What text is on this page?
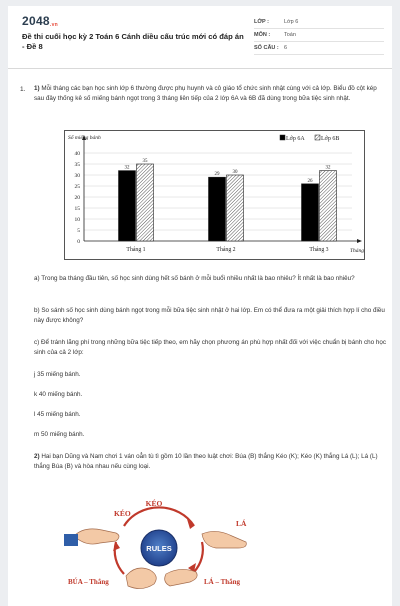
2048.vn
Đề thi cuối học kỳ 2 Toán 6 Cánh diều cấu trúc mới có đáp án - Đề 8
LỚP :	Lớp 6
MÔN :	Toán
SỐ CÂU : 6
1. 1) Mỗi tháng các bạn học sinh lớp 6 thường được phụ huynh và cô giáo tổ chức sinh nhật cùng với cả lớp. Biểu đồ cột kép sau đây thống kê số miếng bánh ngọt trong 3 tháng liên tiếp của 2 lớp 6A và 6B đã dùng trong bữa tiệc sinh nhật.
0
5
10
15
20
25
30
35
40
Số miếng bánh
Tháng
32
35
Tháng 1
29	30
Tháng 2
26
32
Tháng 3
Lớp 6A	Lớp 6B
a) Trong ba tháng đầu tiên, số học sinh dùng hết số bánh ở mỗi buổi nhiều nhất là bao nhiêu? Ít nhất là bao nhiêu?
b) So sánh số học sinh dùng bánh ngọt trong mỗi bữa tiệc sinh nhật ở hai lớp. Em có thể đưa ra một giải thích hợp lí cho điều này được không?
c) Để tránh lãng phí trong những bữa tiệc tiếp theo, em hãy chọn phương án phù hợp nhất đối với việc chuẩn bị bánh cho học sinh của cả 2 lớp:
j 35 miếng bánh.
k 40 miếng bánh.
l 45 miếng bánh.
m 50 miếng bánh.
2) Hai bạn Dũng và Nam chơi 1 ván oẳn tù tì gồm 10 lần theo luật chơi: Búa (B) thắng Kéo (K); Kéo (K) thắng Lá (L); Lá (L) thắng Búa (B) và hòa nhau nếu cùng loại.
RULES
KÉO
KÉO
LÁ
BÚA – Thắng	LÁ – Thắng
